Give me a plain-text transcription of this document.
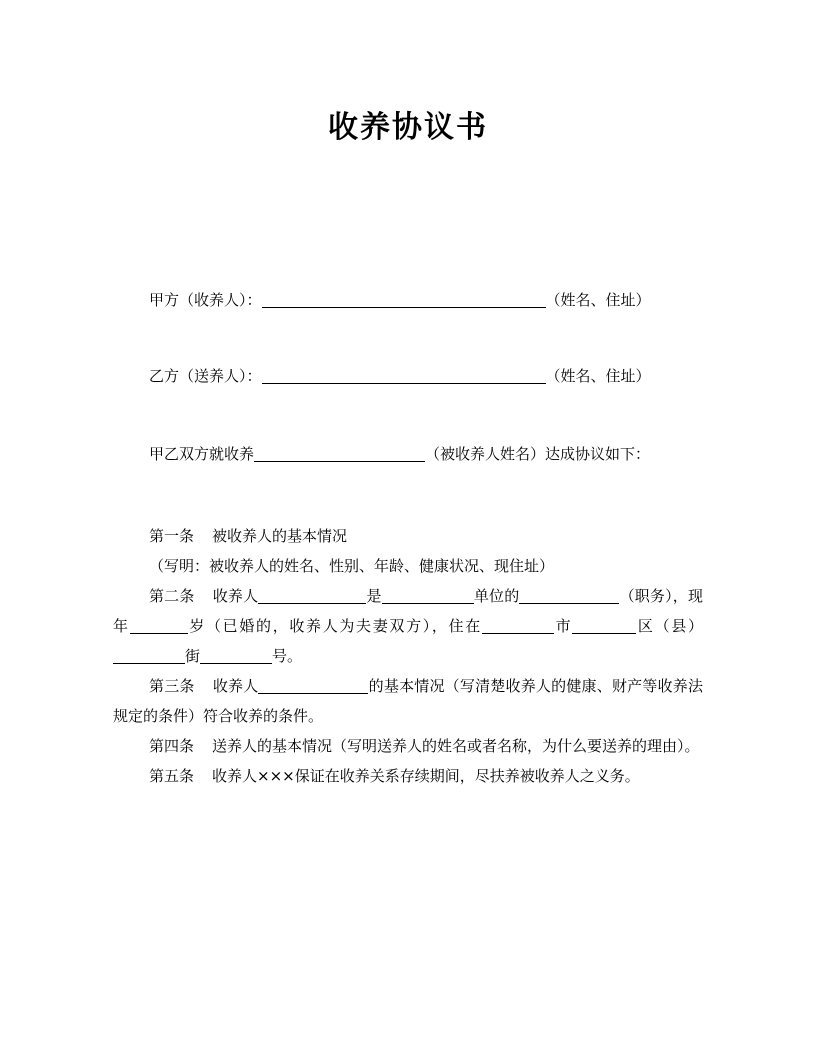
收养协议书
甲方（收养人）：	（姓名、住址）
乙方（送养人）：	（姓名、住址）
甲乙双方就收养	（被收养人姓名）达成协议如下：

第一条 被收养人的基本情况

（写明：被收养人的姓名、性别、年龄、健康状况、现住址）

第二条 收养人	是	单位的	（职务），现年	岁（已婚的，收养人为夫妻双方），住在	市	区（县）街	号。

第三条 收养人	的基本情况（写清楚收养人的健康、财产等收养法规定的条件）符合收养的条件。

第四条 送养人的基本情况（写明送养人的姓名或者名称，为什么要送养的理由）。

第五条 收养人×××保证在收养关系存续期间，尽扶养被收养人之义务。
